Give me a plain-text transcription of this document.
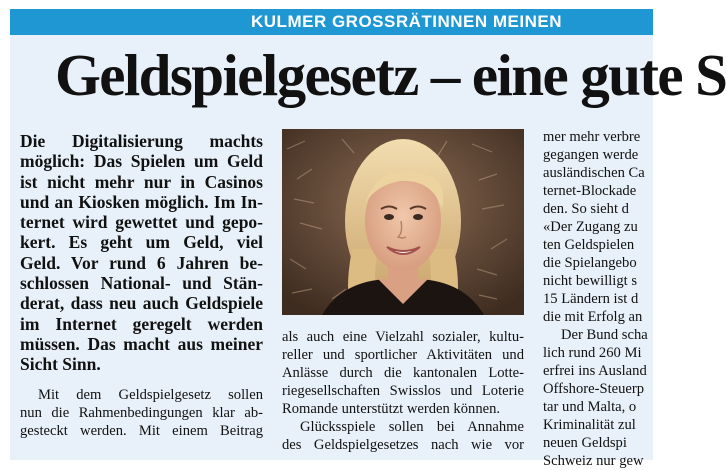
KULMER GROSSRÄTINNEN MEINEN
Geldspielgesetz – eine gute S
Die Digitalisierung machts
möglich: Das Spielen um Geld
ist nicht mehr nur in Casinos
und an Kiosken möglich. Im In-
ternet wird gewettet und gepo-
kert. Es geht um Geld, viel
Geld. Vor rund 6 Jahren be-
schlossen National- und Stän-
derat, dass neu auch Geldspiele
im Internet geregelt werden
müssen. Das macht aus meiner
Sicht Sinn.
Mit dem Geldspielgesetz sollen
nun die Rahmenbedingungen klar ab-
gesteckt werden. Mit einem Beitrag
als auch eine Vielzahl sozialer, kultu-
reller und sportlicher Aktivitäten und
Anlässe durch die kantonalen Lotte-
riegesellschaften Swisslos und Loterie
Romande unterstützt werden können.
Glücksspiele sollen bei Annahme
des Geldspielgesetzes nach wie vor
mer mehr verbre
gegangen werde
ausländischen Ca
ternet-Blockade
den. So sieht d
«Der Zugang zu
ten Geldspielen
die Spielangebo
nicht bewilligt s
15 Ländern ist d
die mit Erfolg an
Der Bund scha
lich rund 260 Mi
erfrei ins Ausland
Offshore-Steuerp
tar und Malta, o
Kriminalität zul
neuen Geldspi
Schweiz nur gew
